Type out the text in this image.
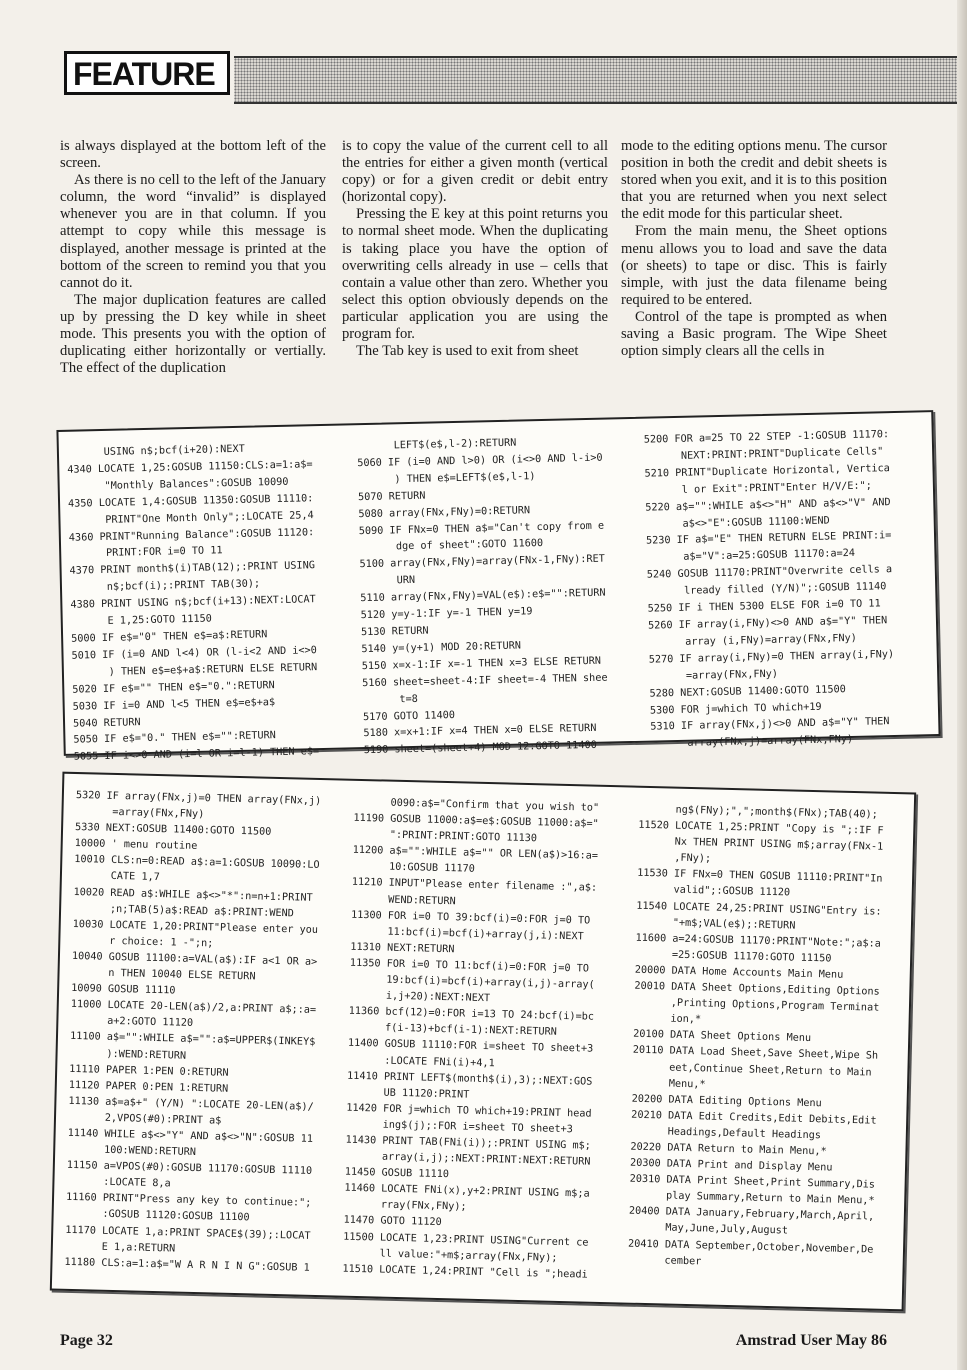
FEATURE

is always displayed at the bottom left of the screen.

As there is no cell to the left of the January column, the word “invalid” is displayed whenever you are in that column. If you attempt to copy while this message is displayed, another message is printed at the bottom of the screen to remind you that you cannot do it.

The major duplication features are called up by pressing the D key while in sheet mode. This presents you with the option of duplicating either horizontally or vertially. The effect of the duplication

is to copy the value of the current cell to all the entries for either a given month (vertical copy) or for a given credit or debit entry (horizontal copy).

Pressing the E key at this point returns you to normal sheet mode. When the duplicating is taking place you have the option of overwriting cells already in use – cells that contain a value other than zero. Whether you select this option obviously depends on the particular application you are using the program for.

The Tab key is used to exit from sheet

mode to the editing options menu. The cursor position in both the credit and debit sheets is stored when you exit, and it is to this position that you are returned when you next select the edit mode for this particular sheet.

From the main menu, the Sheet options menu allows you to load and save the data (or sheets) to tape or disc. This is fairly simple, with just the data filename being required to be entered.

Control of the tape is prompted as when saving a Basic program. The Wipe Sheet option simply clears all the cells in

USING n$;bcf(i+20):NEXT
4340 LOCATE 1,25:GOSUB 11150:CLS:a=1:a$=
"Monthly Balances":GOSUB 10090
4350 LOCATE 1,4:GOSUB 11350:GOSUB 11110:
PRINT"One Month Only";:LOCATE 25,4
4360 PRINT"Running Balance":GOSUB 11120:
PRINT:FOR i=0 TO 11
4370 PRINT month$(i)TAB(12);:PRINT USING
n$;bcf(i);:PRINT TAB(30);
4380 PRINT USING n$;bcf(i+13):NEXT:LOCAT
E 1,25:GOTO 11150
5000 IF e$="0" THEN e$=a$:RETURN
5010 IF (i=0 AND l<4) OR (l-i<2 AND i<>0
) THEN e$=e$+a$:RETURN ELSE RETURN
5020 IF e$="" THEN e$="0.":RETURN
5030 IF i=0 AND l<5 THEN e$=e$+a$
5040 RETURN
5050 IF e$="0." THEN e$="":RETURN
5055 IF i<>0 AND (i=l OR i=l-1) THEN e$=
LEFT$(e$,l-2):RETURN
5060 IF (i=0 AND l>0) OR (i<>0 AND l-i>0
) THEN e$=LEFT$(e$,l-1)
5070 RETURN
5080 array(FNx,FNy)=0:RETURN
5090 IF FNx=0 THEN a$="Can't copy from e
dge of sheet":GOTO 11600
5100 array(FNx,FNy)=array(FNx-1,FNy):RET
URN
5110 array(FNx,FNy)=VAL(e$):e$="":RETURN
5120 y=y-1:IF y=-1 THEN y=19
5130 RETURN
5140 y=(y+1) MOD 20:RETURN
5150 x=x-1:IF x=-1 THEN x=3 ELSE RETURN
5160 sheet=sheet-4:IF sheet=-4 THEN shee
t=8
5170 GOTO 11400
5180 x=x+1:IF x=4 THEN x=0 ELSE RETURN
5190 sheet=(sheet+4) MOD 12:GOTO 11400
5200 FOR a=25 TO 22 STEP -1:GOSUB 11170:
NEXT:PRINT:PRINT"Duplicate Cells"
5210 PRINT"Duplicate Horizontal, Vertica
l or Exit":PRINT"Enter H/V/E:";
5220 a$="":WHILE a$<>"H" AND a$<>"V" AND
a$<>"E":GOSUB 11100:WEND
5230 IF a$="E" THEN RETURN ELSE PRINT:i=
a$="V":a=25:GOSUB 11170:a=24
5240 GOSUB 11170:PRINT"Overwrite cells a
lready filled (Y/N)";:GOSUB 11140
5250 IF i THEN 5300 ELSE FOR i=0 TO 11
5260 IF array(i,FNy)<>0 AND a$="Y" THEN
array (i,FNy)=array(FNx,FNy)
5270 IF array(i,FNy)=0 THEN array(i,FNy)
=array(FNx,FNy)
5280 NEXT:GOSUB 11400:GOTO 11500
5300 FOR j=which TO which+19
5310 IF array(FNx,j)<>0 AND a$="Y" THEN
array(FNx,j)=array(FNx,FNy)
5320 IF array(FNx,j)=0 THEN array(FNx,j)
=array(FNx,FNy)
5330 NEXT:GOSUB 11400:GOTO 11500
10000 ' menu routine
10010 CLS:n=0:READ a$:a=1:GOSUB 10090:LO
CATE 1,7
10020 READ a$:WHILE a$<>"*":n=n+1:PRINT
;n;TAB(5)a$:READ a$:PRINT:WEND
10030 LOCATE 1,20:PRINT"Please enter you
r choice: 1 -";n;
10040 GOSUB 11100:a=VAL(a$):IF a<1 OR a>
n THEN 10040 ELSE RETURN
10090 GOSUB 11110
11000 LOCATE 20-LEN(a$)/2,a:PRINT a$;:a=
a+2:GOTO 11120
11100 a$="":WHILE a$="":a$=UPPER$(INKEY$
):WEND:RETURN
11110 PAPER 1:PEN 0:RETURN
11120 PAPER 0:PEN 1:RETURN
11130 a$=a$+" (Y/N) ":LOCATE 20-LEN(a$)/
2,VPOS(#0):PRINT a$
11140 WHILE a$<>"Y" AND a$<>"N":GOSUB 11
100:WEND:RETURN
11150 a=VPOS(#0):GOSUB 11170:GOSUB 11110
:LOCATE 8,a
11160 PRINT"Press any key to continue:";
:GOSUB 11120:GOSUB 11100
11170 LOCATE 1,a:PRINT SPACE$(39);:LOCAT
E 1,a:RETURN
11180 CLS:a=1:a$="W A R N I N G":GOSUB 1
0090:a$="Confirm that you wish to"
11190 GOSUB 11000:a$=e$:GOSUB 11000:a$="
":PRINT:PRINT:GOTO 11130
11200 a$="":WHILE a$="" OR LEN(a$)>16:a=
10:GOSUB 11170
11210 INPUT"Please enter filename :",a$:
WEND:RETURN
11300 FOR i=0 TO 39:bcf(i)=0:FOR j=0 TO
11:bcf(i)=bcf(i)+array(j,i):NEXT
11310 NEXT:RETURN
11350 FOR i=0 TO 11:bcf(i)=0:FOR j=0 TO
19:bcf(i)=bcf(i)+array(i,j)-array(
i,j+20):NEXT:NEXT
11360 bcf(12)=0:FOR i=13 TO 24:bcf(i)=bc
f(i-13)+bcf(i-1):NEXT:RETURN
11400 GOSUB 11110:FOR i=sheet TO sheet+3
:LOCATE FNi(i)+4,1
11410 PRINT LEFT$(month$(i),3);:NEXT:GOS
UB 11120:PRINT
11420 FOR j=which TO which+19:PRINT head
ing$(j);:FOR i=sheet TO sheet+3
11430 PRINT TAB(FNi(i));:PRINT USING m$;
array(i,j);:NEXT:PRINT:NEXT:RETURN
11450 GOSUB 11110
11460 LOCATE FNi(x),y+2:PRINT USING m$;a
rray(FNx,FNy);
11470 GOTO 11120
11500 LOCATE 1,23:PRINT USING"Current ce
ll value:"+m$;array(FNx,FNy);
11510 LOCATE 1,24:PRINT "Cell is ";headi
ng$(FNy);",";month$(FNx);TAB(40);
11520 LOCATE 1,25:PRINT "Copy is ";:IF F
Nx THEN PRINT USING m$;array(FNx-1
,FNy);
11530 IF FNx=0 THEN GOSUB 11110:PRINT"In
valid";:GOSUB 11120
11540 LOCATE 24,25:PRINT USING"Entry is:
"+m$;VAL(e$);:RETURN
11600 a=24:GOSUB 11170:PRINT"Note:";a$:a
=25:GOSUB 11170:GOTO 11150
20000 DATA Home Accounts Main Menu
20010 DATA Sheet Options,Editing Options
,Printing Options,Program Terminat
ion,*
20100 DATA Sheet Options Menu
20110 DATA Load Sheet,Save Sheet,Wipe Sh
eet,Continue Sheet,Return to Main
Menu,*
20200 DATA Editing Options Menu
20210 DATA Edit Credits,Edit Debits,Edit
Headings,Default Headings
20220 DATA Return to Main Menu,*
20300 DATA Print and Display Menu
20310 DATA Print Sheet,Print Summary,Dis
play Summary,Return to Main Menu,*
20400 DATA January,February,March,April,
May,June,July,August
20410 DATA September,October,November,De
cember
Page 32	Amstrad User May 86
